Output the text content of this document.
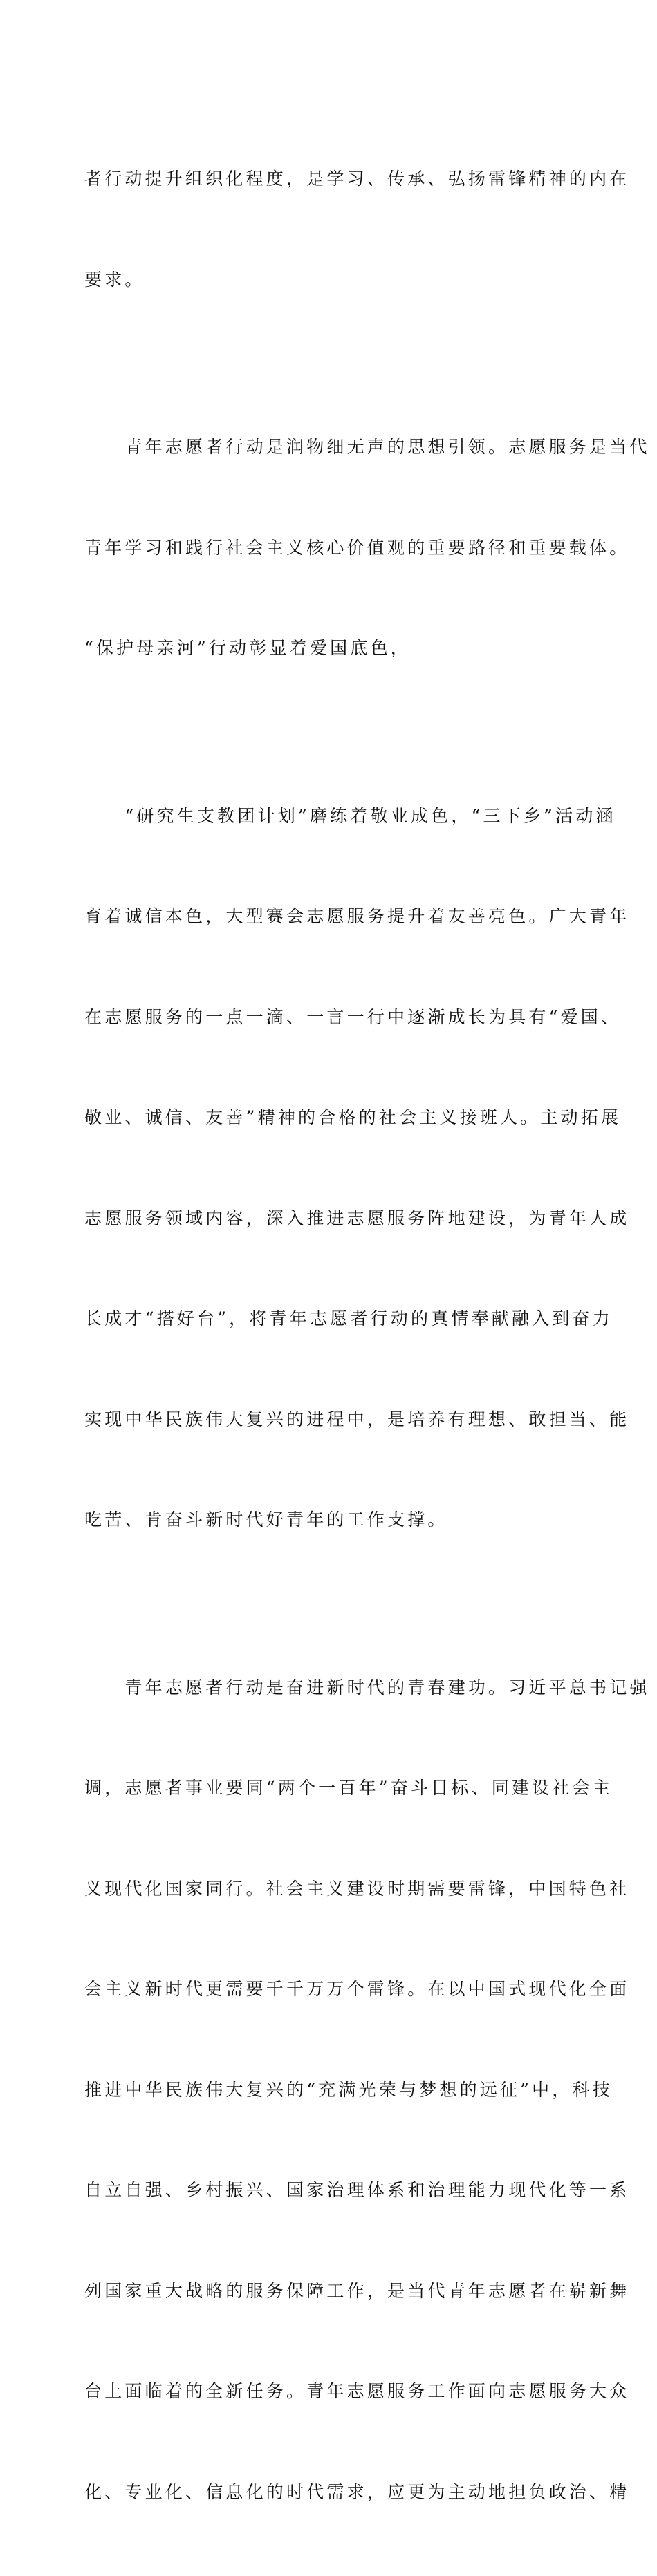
者行动提升组织化程度，是学习、传承、弘扬雷锋精神的内在

要求。

　　青年志愿者行动是润物细无声的思想引领。志愿服务是当代

青年学习和践行社会主义核心价值观的重要路径和重要载体。

“保护母亲河”行动彰显着爱国底色，

　　“研究生支教团计划”磨练着敬业成色，“三下乡”活动涵

育着诚信本色，大型赛会志愿服务提升着友善亮色。广大青年

在志愿服务的一点一滴、一言一行中逐渐成长为具有“爱国、

敬业、诚信、友善”精神的合格的社会主义接班人。主动拓展

志愿服务领域内容，深入推进志愿服务阵地建设，为青年人成

长成才“搭好台”，将青年志愿者行动的真情奉献融入到奋力

实现中华民族伟大复兴的进程中，是培养有理想、敢担当、能

吃苦、肯奋斗新时代好青年的工作支撑。

　　青年志愿者行动是奋进新时代的青春建功。习近平总书记强

调，志愿者事业要同“两个一百年”奋斗目标、同建设社会主

义现代化国家同行。社会主义建设时期需要雷锋，中国特色社

会主义新时代更需要千千万万个雷锋。在以中国式现代化全面

推进中华民族伟大复兴的“充满光荣与梦想的远征”中，科技

自立自强、乡村振兴、国家治理体系和治理能力现代化等一系

列国家重大战略的服务保障工作，是当代青年志愿者在崭新舞

台上面临着的全新任务。青年志愿服务工作面向志愿服务大众

化、专业化、信息化的时代需求，应更为主动地担负政治、精
